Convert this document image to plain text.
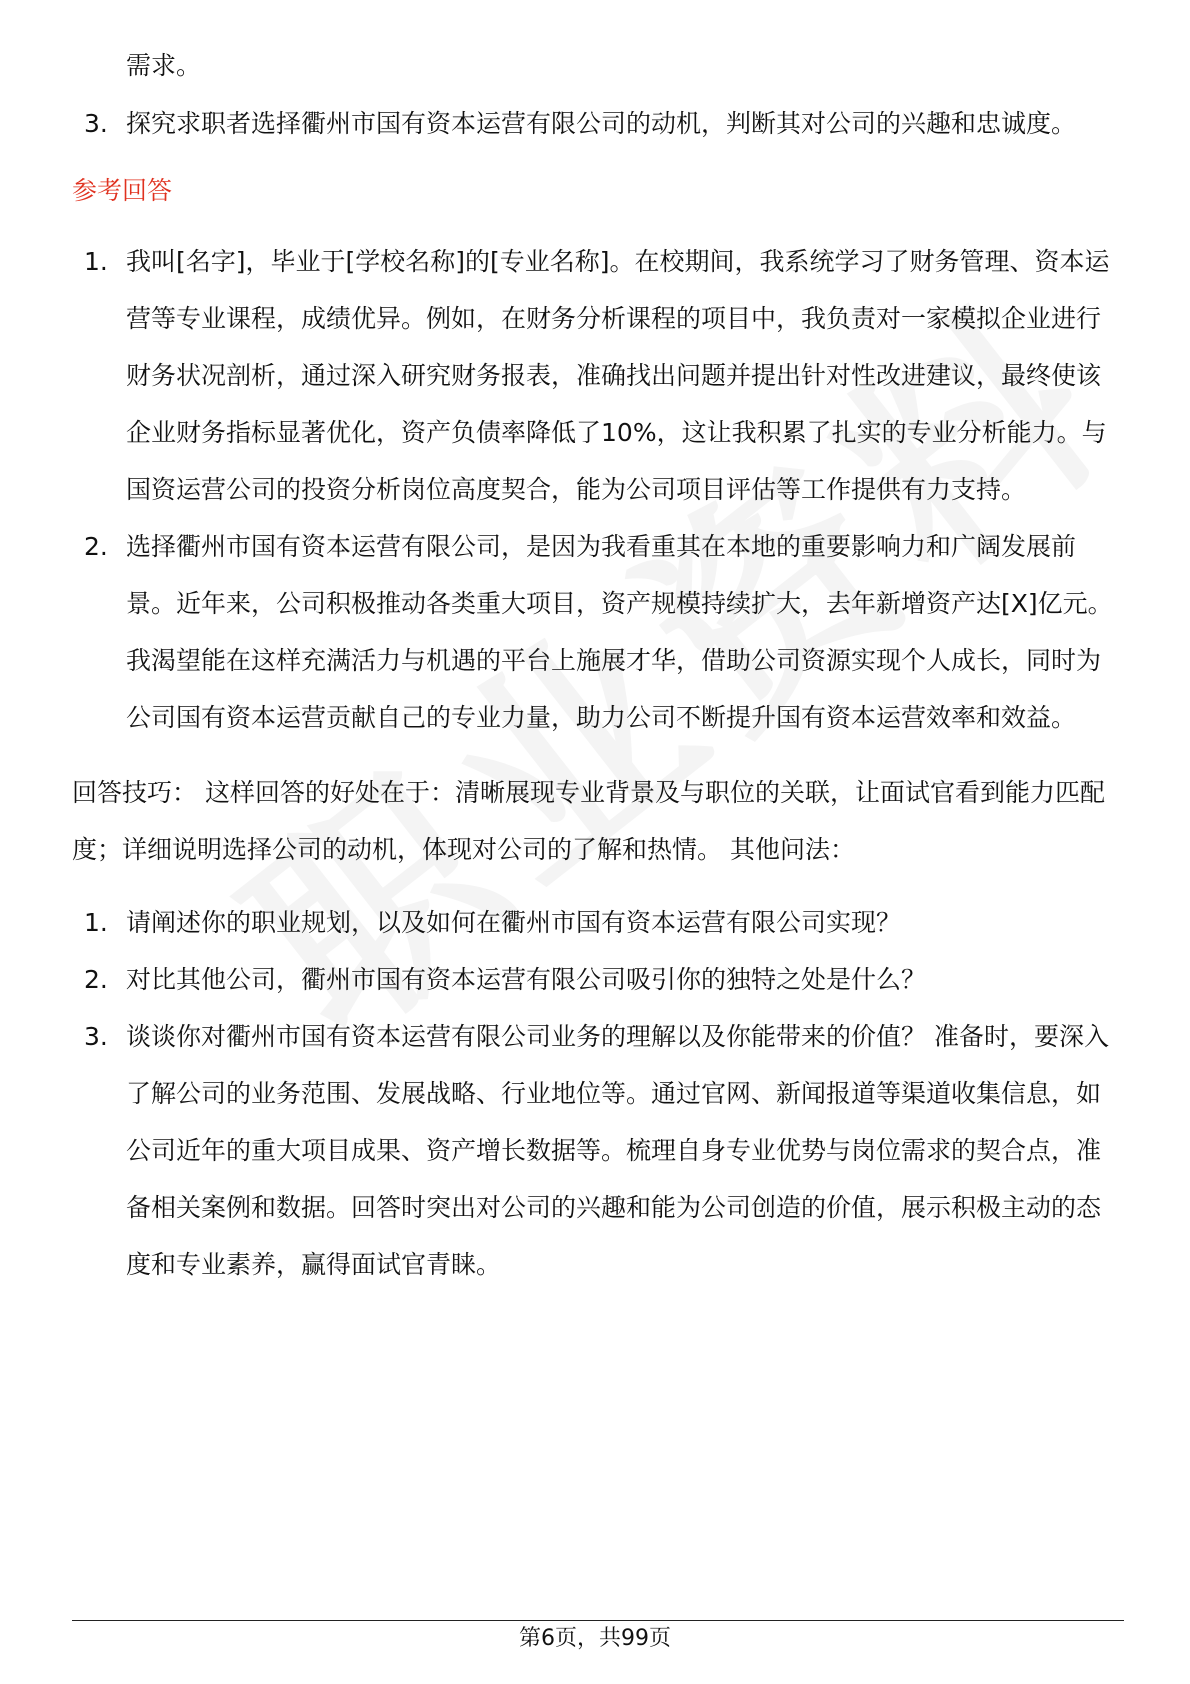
需求。
3. 探究求职者选择衢州市国有资本运营有限公司的动机，判断其对公司的兴趣和忠诚度。
参考回答
1. 我叫[名字]，毕业于[学校名称]的[专业名称]。在校期间，我系统学习了财务管理、资本运营等专业课程，成绩优异。例如，在财务分析课程的项目中，我负责对一家模拟企业进行财务状况剖析，通过深入研究财务报表，准确找出问题并提出针对性改进建议，最终使该企业财务指标显著优化，资产负债率降低了10%，这让我积累了扎实的专业分析能力。与国资运营公司的投资分析岗位高度契合，能为公司项目评估等工作提供有力支持。
2. 选择衢州市国有资本运营有限公司，是因为我看重其在本地的重要影响力和广阔发展前景。近年来，公司积极推动各类重大项目，资产规模持续扩大，去年新增资产达[X]亿元。我渴望能在这样充满活力与机遇的平台上施展才华，借助公司资源实现个人成长，同时为公司国有资本运营贡献自己的专业力量，助力公司不断提升国有资本运营效率和效益。
回答技巧： 这样回答的好处在于：清晰展现专业背景及与职位的关联，让面试官看到能力匹配度；详细说明选择公司的动机，体现对公司的了解和热情。 其他问法：
1. 请阐述你的职业规划，以及如何在衢州市国有资本运营有限公司实现？
2. 对比其他公司，衢州市国有资本运营有限公司吸引你的独特之处是什么？
3. 谈谈你对衢州市国有资本运营有限公司业务的理解以及你能带来的价值？ 准备时，要深入了解公司的业务范围、发展战略、行业地位等。通过官网、新闻报道等渠道收集信息，如公司近年的重大项目成果、资产增长数据等。梳理自身专业优势与岗位需求的契合点，准备相关案例和数据。回答时突出对公司的兴趣和能为公司创造的价值，展示积极主动的态度和专业素养，赢得面试官青睐。
第6页，共99页
